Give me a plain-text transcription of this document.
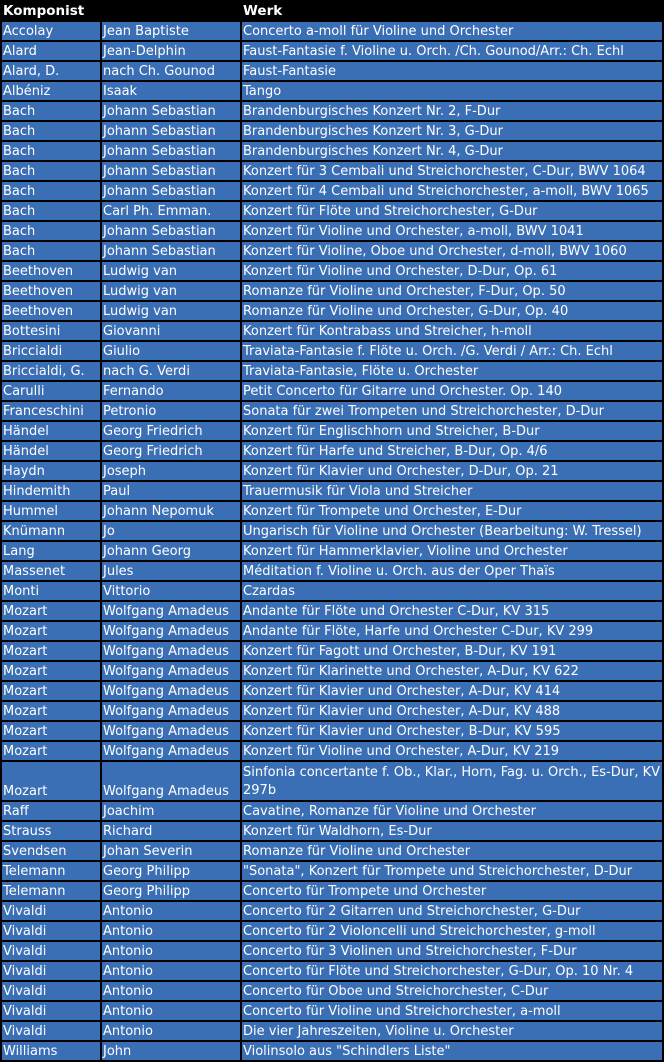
Komponist		Werk
Accolay	Jean Baptiste	Concerto a-moll für Violine und Orchester
Alard	Jean-Delphin	Faust-Fantasie f. Violine u. Orch. /Ch. Gounod/Arr.: Ch. Echl
Alard, D.	nach Ch. Gounod	Faust-Fantasie
Albéniz	Isaak	Tango
Bach	Johann Sebastian	Brandenburgisches Konzert Nr. 2, F-Dur
Bach	Johann Sebastian	Brandenburgisches Konzert Nr. 3, G-Dur
Bach	Johann Sebastian	Brandenburgisches Konzert Nr. 4, G-Dur
Bach	Johann Sebastian	Konzert für 3 Cembali und Streichorchester, C-Dur, BWV 1064
Bach	Johann Sebastian	Konzert für 4 Cembali und Streichorchester, a-moll, BWV 1065
Bach	Carl Ph. Emman.	Konzert für Flöte und Streichorchester, G-Dur
Bach	Johann Sebastian	Konzert für Violine und Orchester, a-moll, BWV 1041
Bach	Johann Sebastian	Konzert für Violine, Oboe und Orchester, d-moll, BWV 1060
Beethoven	Ludwig van	Konzert für Violine und Orchester, D-Dur, Op. 61
Beethoven	Ludwig van	Romanze für Violine und Orchester, F-Dur, Op. 50
Beethoven	Ludwig van	Romanze für Violine und Orchester, G-Dur, Op. 40
Bottesini	Giovanni	Konzert für Kontrabass und Streicher, h-moll
Briccialdi	Giulio	Traviata-Fantasie f. Flöte u. Orch. /G. Verdi / Arr.: Ch. Echl
Briccialdi, G.	nach G. Verdi	Traviata-Fantasie, Flöte u. Orchester
Carulli	Fernando	Petit Concerto für Gitarre und Orchester. Op. 140
Franceschini	Petronio	Sonata für zwei Trompeten und Streichorchester, D-Dur
Händel	Georg Friedrich	Konzert für Englischhorn und Streicher, B-Dur
Händel	Georg Friedrich	Konzert für Harfe und Streicher, B-Dur, Op. 4/6
Haydn	Joseph	Konzert für Klavier und Orchester, D-Dur, Op. 21
Hindemith	Paul	Trauermusik für Viola und Streicher
Hummel	Johann Nepomuk	Konzert für Trompete und Orchester, E-Dur
Knümann	Jo	Ungarisch für Violine und Orchester (Bearbeitung: W. Tressel)
Lang	Johann Georg	Konzert für Hammerklavier, Violine und Orchester
Massenet	Jules	Méditation f. Violine u. Orch. aus der Oper Thaïs
Monti	Vittorio	Czardas
Mozart	Wolfgang Amadeus	Andante für Flöte und Orchester C-Dur, KV 315
Mozart	Wolfgang Amadeus	Andante für Flöte, Harfe und Orchester C-Dur, KV 299
Mozart	Wolfgang Amadeus	Konzert für Fagott und Orchester, B-Dur, KV 191
Mozart	Wolfgang Amadeus	Konzert für Klarinette und Orchester, A-Dur, KV 622
Mozart	Wolfgang Amadeus	Konzert für Klavier und Orchester, A-Dur, KV 414
Mozart	Wolfgang Amadeus	Konzert für Klavier und Orchester, A-Dur, KV 488
Mozart	Wolfgang Amadeus	Konzert für Klavier und Orchester, B-Dur, KV 595
Mozart	Wolfgang Amadeus	Konzert für Violine und Orchester, A-Dur, KV 219
Mozart	Wolfgang Amadeus	Sinfonia concertante f. Ob., Klar., Horn, Fag. u. Orch., Es-Dur, KV 297b
Raff	Joachim	Cavatine, Romanze für Violine und Orchester
Strauss	Richard	Konzert für Waldhorn, Es-Dur
Svendsen	Johan Severin	Romanze für Violine und Orchester
Telemann	Georg Philipp	"Sonata", Konzert für Trompete und Streichorchester, D-Dur
Telemann	Georg Philipp	Concerto für Trompete und Orchester
Vivaldi	Antonio	Concerto für 2 Gitarren und Streichorchester, G-Dur
Vivaldi	Antonio	Concerto für 2 Violoncelli und Streichorchester, g-moll
Vivaldi	Antonio	Concerto für 3 Violinen und Streichorchester, F-Dur
Vivaldi	Antonio	Concerto für Flöte und Streichorchester, G-Dur, Op. 10 Nr. 4
Vivaldi	Antonio	Concerto für Oboe und Streichorchester, C-Dur
Vivaldi	Antonio	Concerto für Violine und Streichorchester, a-moll
Vivaldi	Antonio	Die vier Jahreszeiten, Violine u. Orchester
Williams	John	Violinsolo aus "Schindlers Liste"
